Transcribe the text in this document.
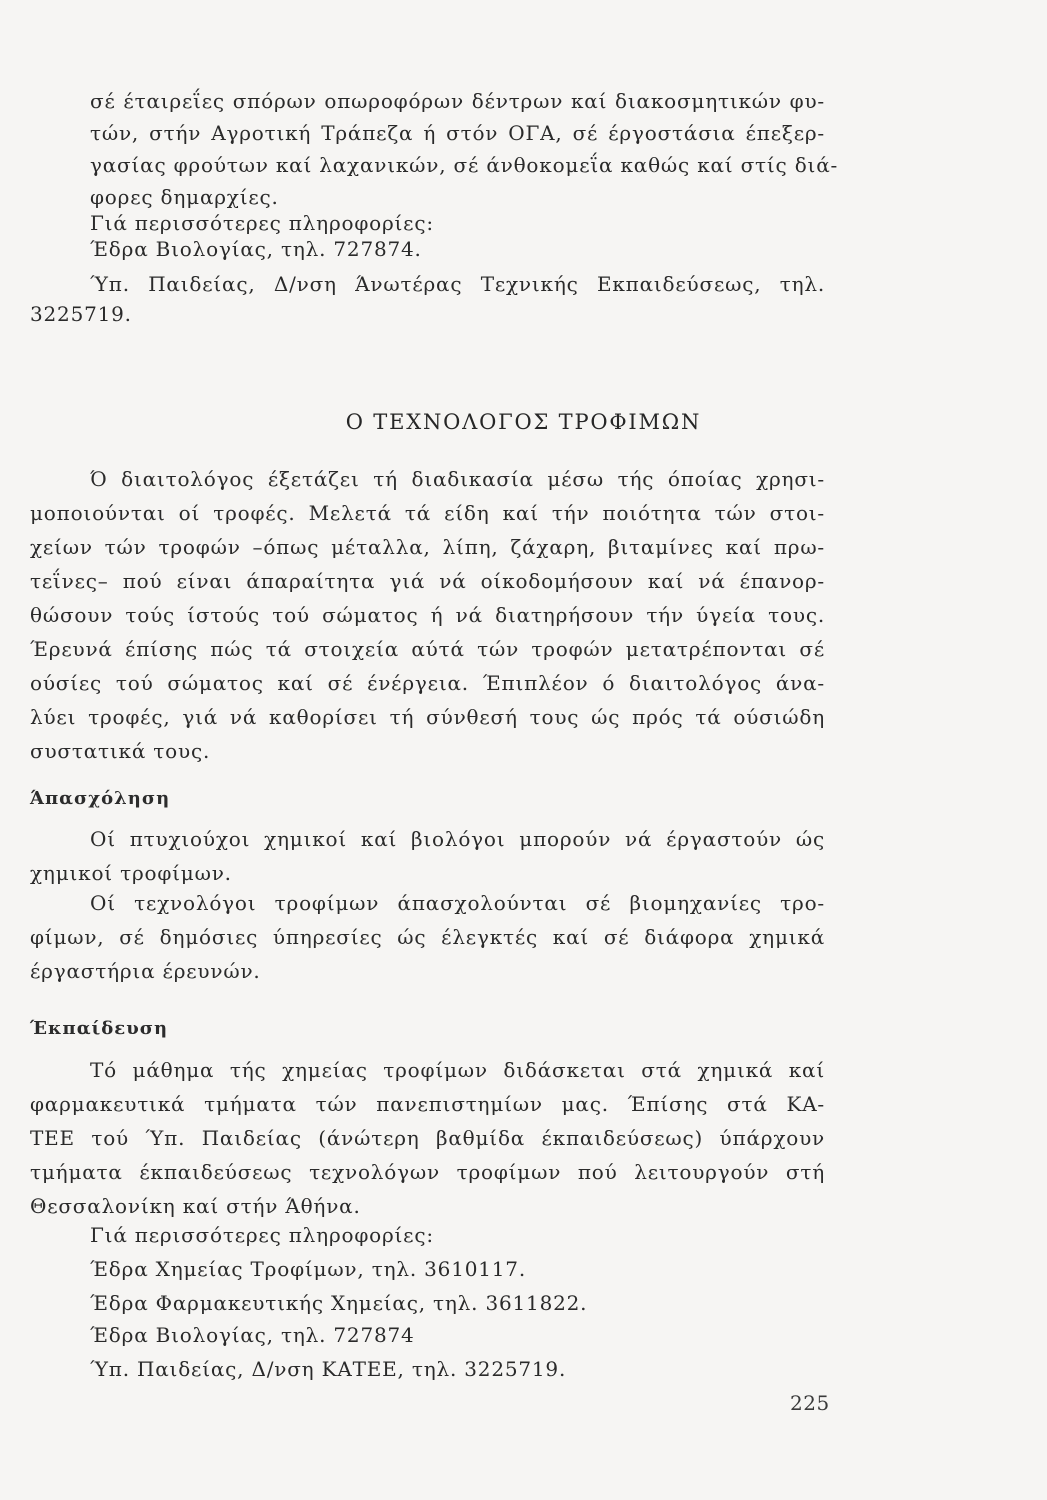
σέ έταιρεΐες σπόρων οπωροφόρων δέντρων καί διακοσμητικών φυ-
τών, στήν Αγροτική Τράπεζα ή στόν ΟΓΑ, σέ έργοστάσια έπεξερ-
γασίας φρούτων καί λαχανικών, σέ άνθοκομεΐα καθώς καί στίς διά-
φορες δημαρχίες.
Γιά περισσότερες πληροφορίες:
Έδρα Βιολογίας, τηλ. 727874.
Ύπ. Παιδείας, Δ/νση Άνωτέρας Τεχνικής Εκπαιδεύσεως, τηλ.
3225719.
Ο ΤΕΧΝΟΛΟΓΟΣ ΤΡΟΦΙΜΩΝ
Ό διαιτολόγος έξετάζει τή διαδικασία μέσω τής όποίας χρησι-
μοποιούνται οί τροφές. Μελετά τά είδη καί τήν ποιότητα τών στοι-
χείων τών τροφών –όπως μέταλλα, λίπη, ζάχαρη, βιταμίνες καί πρω-
τεΐνες– πού είναι άπαραίτητα γιά νά οίκοδομήσουν καί νά έπανορ-
θώσουν τούς ίστούς τού σώματος ή νά διατηρήσουν τήν ύγεία τους.
Έρευνά έπίσης πώς τά στοιχεία αύτά τών τροφών μετατρέπονται σέ
ούσίες τού σώματος καί σέ ένέργεια. Έπιπλέον ό διαιτολόγος άνα-
λύει τροφές, γιά νά καθορίσει τή σύνθεσή τους ώς πρός τά ούσιώδη
συστατικά τους.
Άπασχόληση
Οί πτυχιούχοι χημικοί καί βιολόγοι μπορούν νά έργαστούν ώς
χημικοί τροφίμων.
Οί τεχνολόγοι τροφίμων άπασχολούνται σέ βιομηχανίες τρο-
φίμων, σέ δημόσιες ύπηρεσίες ώς έλεγκτές καί σέ διάφορα χημικά
έργαστήρια έρευνών.
Έκπαίδευση
Τό μάθημα τής χημείας τροφίμων διδάσκεται στά χημικά καί
φαρμακευτικά τμήματα τών πανεπιστημίων μας. Έπίσης στά ΚΑ-
ΤΕΕ τού Ύπ. Παιδείας (άνώτερη βαθμίδα έκπαιδεύσεως) ύπάρχουν
τμήματα έκπαιδεύσεως τεχνολόγων τροφίμων πού λειτουργούν στή
Θεσσαλονίκη καί στήν Άθήνα.
Γιά περισσότερες πληροφορίες:
Έδρα Χημείας Τροφίμων, τηλ. 3610117.
Έδρα Φαρμακευτικής Χημείας, τηλ. 3611822.
Έδρα Βιολογίας, τηλ. 727874
Ύπ. Παιδείας, Δ/νση ΚΑΤΕΕ, τηλ. 3225719.
225
